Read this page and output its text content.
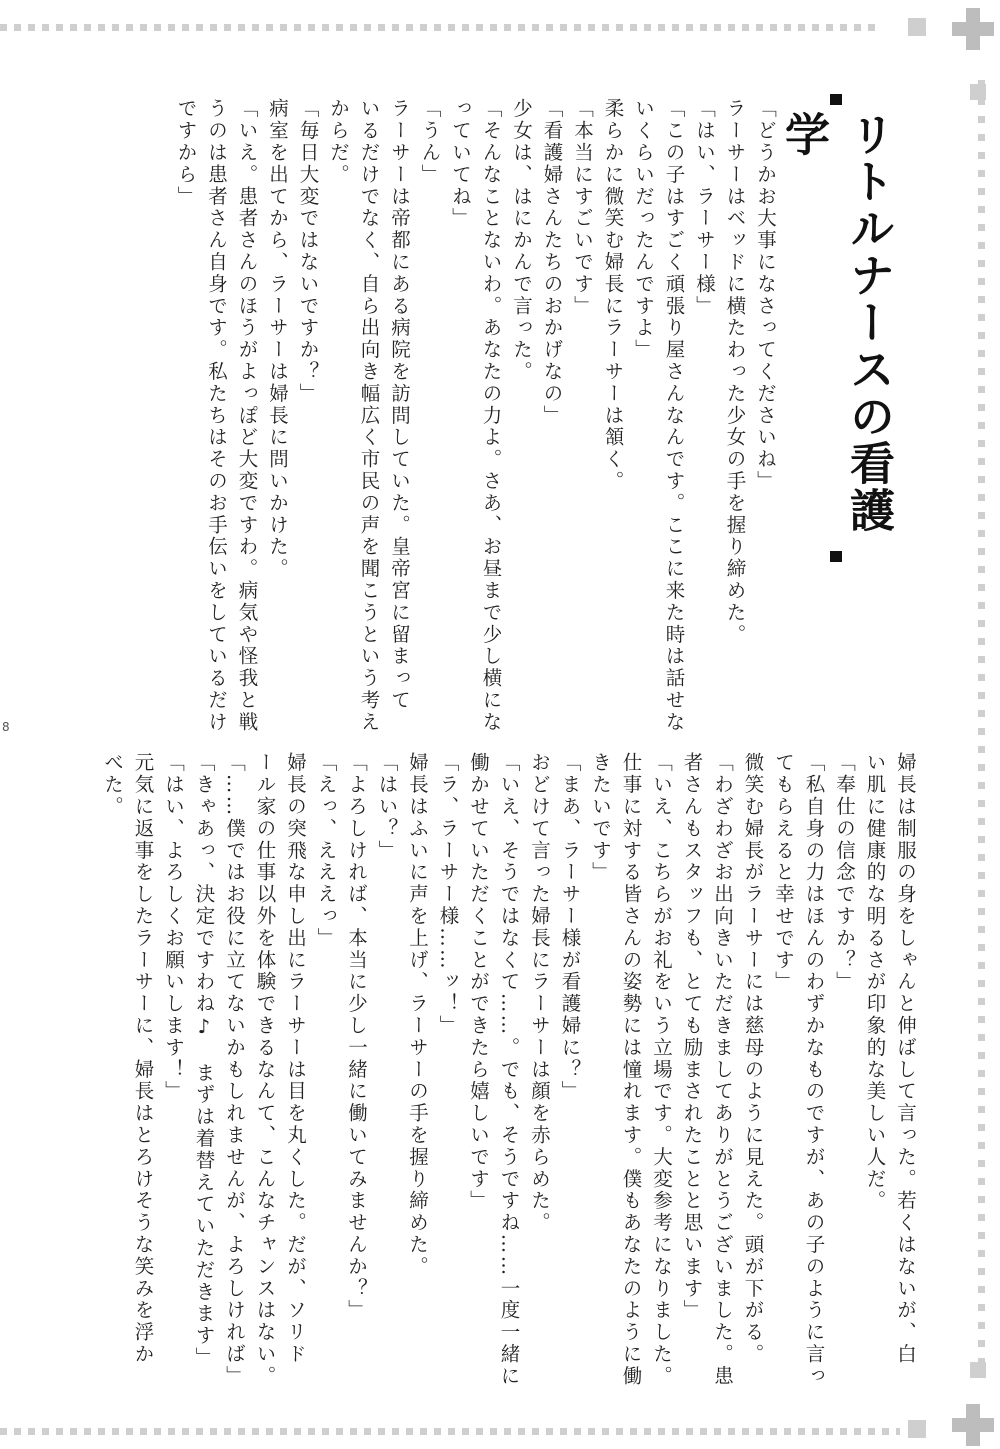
リトルナースの看護学

「どうかお大事になさってくださいね」

ラーサーはベッドに横たわった少女の手を握り締めた。

「はい、ラーサー様」

「この子はすごく頑張り屋さんなんです。ここに来た時は話せな

いくらいだったんですよ」

柔らかに微笑む婦長にラーサーは頷く。

「本当にすごいです」

「看護婦さんたちのおかげなの」

少女は、はにかんで言った。

「そんなことないわ。あなたの力よ。さあ、お昼まで少し横にな

っていてね」

「うん」

ラーサーは帝都にある病院を訪問していた。皇帝宮に留まって

いるだけでなく、自ら出向き幅広く市民の声を聞こうという考え

からだ。

「毎日大変ではないですか？」

病室を出てから、ラーサーは婦長に問いかけた。

「いえ。患者さんのほうがよっぽど大変ですわ。病気や怪我と戦

うのは患者さん自身です。私たちはそのお手伝いをしているだけ

ですから」

婦長は制服の身をしゃんと伸ばして言った。若くはないが、白

い肌に健康的な明るさが印象的な美しい人だ。

「奉仕の信念ですか？」

「私自身の力はほんのわずかなものですが、あの子のように言っ

てもらえると幸せです」

微笑む婦長がラーサーには慈母のように見えた。頭が下がる。

「わざわざお出向きいただきましてありがとうございました。患

者さんもスタッフも、とても励まされたことと思います」

「いえ、こちらがお礼をいう立場です。大変参考になりました。

仕事に対する皆さんの姿勢には憧れます。僕もあなたのように働

きたいです」

「まあ、ラーサー様が看護婦に？」

おどけて言った婦長にラーサーは顔を赤らめた。

「いえ、そうではなくて……。でも、そうですね……一度一緒に

働かせていただくことができたら嬉しいです」

「ラ、ラーサー様……ッ！」

婦長はふいに声を上げ、ラーサーの手を握り締めた。

「はい？」

「よろしければ、本当に少し一緒に働いてみませんか？」

「えっ、えええっ」

婦長の突飛な申し出にラーサーは目を丸くした。だが、ソリド

ール家の仕事以外を体験できるなんて、こんなチャンスはない。

「……僕ではお役に立てないかもしれませんが、よろしければ」

「きゃあっ、決定ですわね♪　まずは着替えていただきます」

「はい、よろしくお願いします！」

元気に返事をしたラーサーに、婦長はとろけそうな笑みを浮か

べた。

8
